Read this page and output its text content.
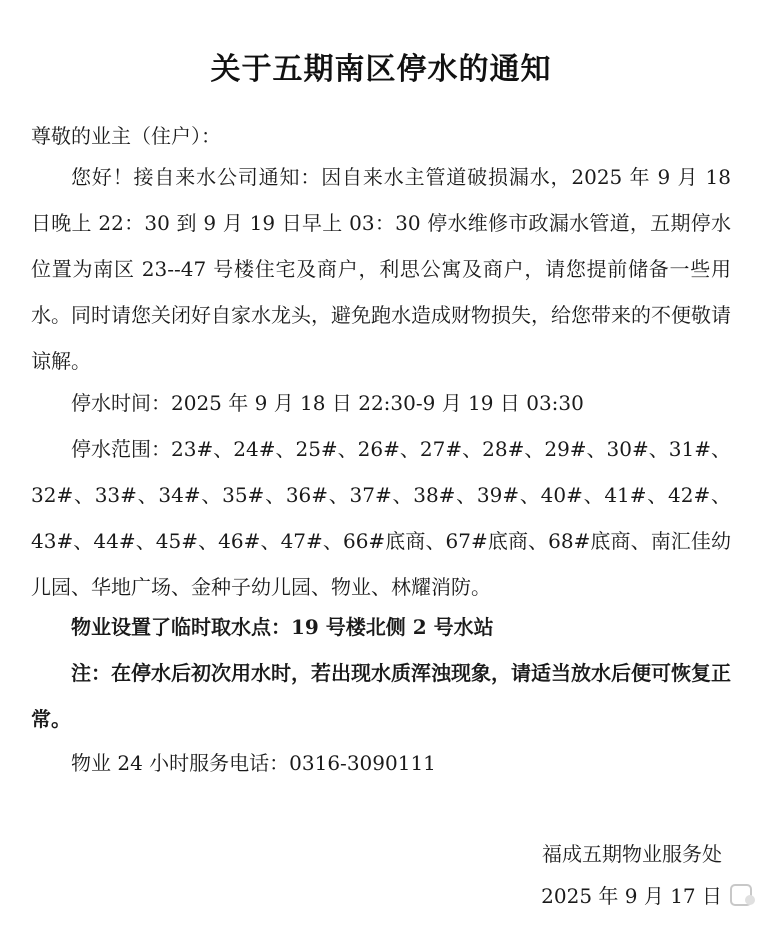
关于五期南区停水的通知
尊敬的业主（住户）：
您好！接自来水公司通知：因自来水主管道破损漏水，2025 年 9 月 18 日晚上 22：30 到 9 月 19 日早上 03：30 停水维修市政漏水管道，五期停水位置为南区 23--47 号楼住宅及商户，利思公寓及商户，请您提前储备一些用水。同时请您关闭好自家水龙头，避免跑水造成财物损失，给您带来的不便敬请谅解。
停水时间：2025 年 9 月 18 日 22:30-9 月 19 日 03:30
停水范围：23#、24#、25#、26#、27#、28#、29#、30#、31#、32#、33#、34#、35#、36#、37#、38#、39#、40#、41#、42#、43#、44#、45#、46#、47#、66#底商、67#底商、68#底商、南汇佳幼儿园、华地广场、金种子幼儿园、物业、林耀消防。
物业设置了临时取水点：19 号楼北侧 2 号水站
注：在停水后初次用水时，若出现水质浑浊现象，请适当放水后便可恢复正常。
物业 24 小时服务电话：0316-3090111
福成五期物业服务处
2025 年 9 月 17 日
